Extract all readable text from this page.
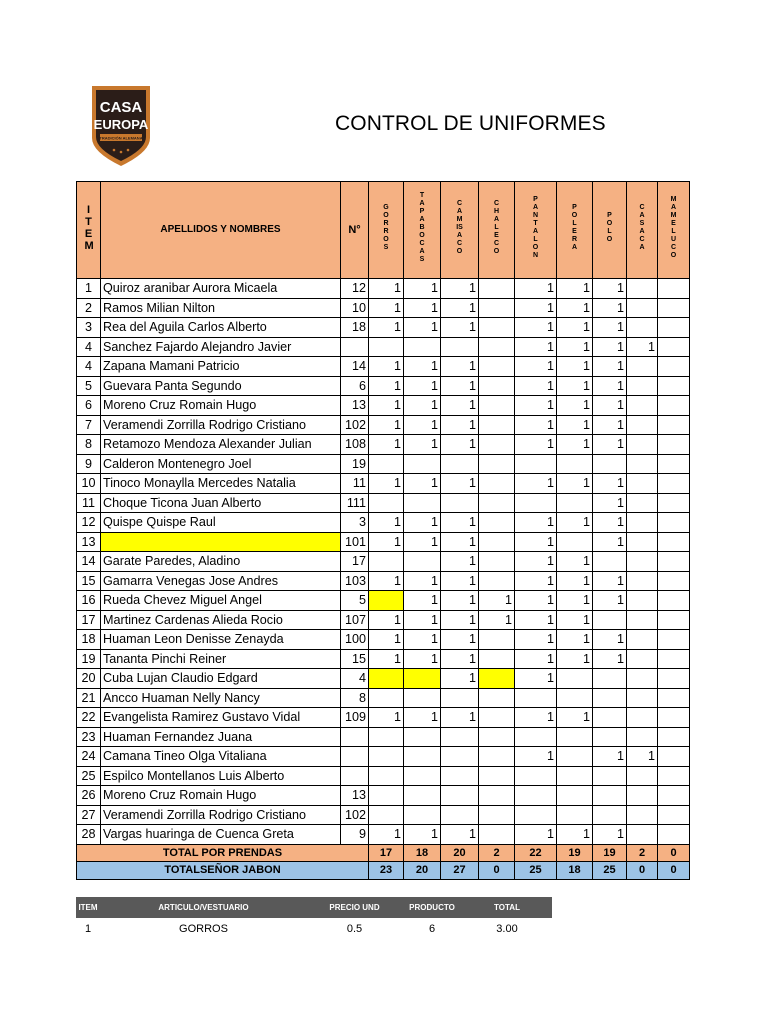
CASA
EUROPA
TRADICIÓN ALEMANA
CONTROL DE UNIFORMES
ITEM	APELLIDOS Y NOMBRES	N°	GORROS	TAPABOCAS	CAMISACO	CHALECO	PANTALON	POLERA	POLO	CASACA	MAMELUCO
1	Quiroz aranibar Aurora Micaela	12	1	1	1		1	1	1		
2	Ramos Milian Nilton	10	1	1	1		1	1	1		
3	Rea del Aguila Carlos Alberto	18	1	1	1		1	1	1		
4	Sanchez Fajardo Alejandro Javier						1	1	1	1	
4	Zapana Mamani Patricio	14	1	1	1		1	1	1		
5	Guevara Panta Segundo	6	1	1	1		1	1	1		
6	Moreno Cruz Romain Hugo	13	1	1	1		1	1	1		
7	Veramendi Zorrilla Rodrigo Cristiano	102	1	1	1		1	1	1		
8	Retamozo Mendoza Alexander Julian	108	1	1	1		1	1	1		
9	Calderon Montenegro Joel	19									
10	Tinoco Monaylla Mercedes Natalia	11	1	1	1		1	1	1		
11	Choque Ticona Juan Alberto	111							1		
12	Quispe Quispe Raul	3	1	1	1		1	1	1		
13		101	1	1	1		1		1		
14	Garate Paredes, Aladino	17			1		1	1			
15	Gamarra Venegas Jose Andres	103	1	1	1		1	1	1		
16	Rueda Chevez Miguel Angel	5		1	1	1	1	1	1		
17	Martinez Cardenas Alieda Rocio	107	1	1	1	1	1	1			
18	Huaman Leon Denisse Zenayda	100	1	1	1		1	1	1		
19	Tananta Pinchi Reiner	15	1	1	1		1	1	1		
20	Cuba Lujan Claudio Edgard	4			1		1				
21	Ancco Huaman Nelly Nancy	8									
22	Evangelista Ramirez Gustavo Vidal	109	1	1	1		1	1			
23	Huaman Fernandez Juana										
24	Camana Tineo Olga Vitaliana						1		1	1	
25	Espilco Montellanos Luis Alberto										
26	Moreno Cruz Romain Hugo	13									
27	Veramendi Zorrilla Rodrigo Cristiano	102									
28	Vargas huaringa de Cuenca Greta	9	1	1	1		1	1	1		
TOTAL POR PRENDAS			17	18	20	2	22	19	19	2	0
TOTALSEÑOR JABON			23	20	27	0	25	18	25	0	0
ITEM	ARTICULO/VESTUARIO	PRECIO UND	PRODUCTO	TOTAL
1	GORROS	0.5	6	3.00
